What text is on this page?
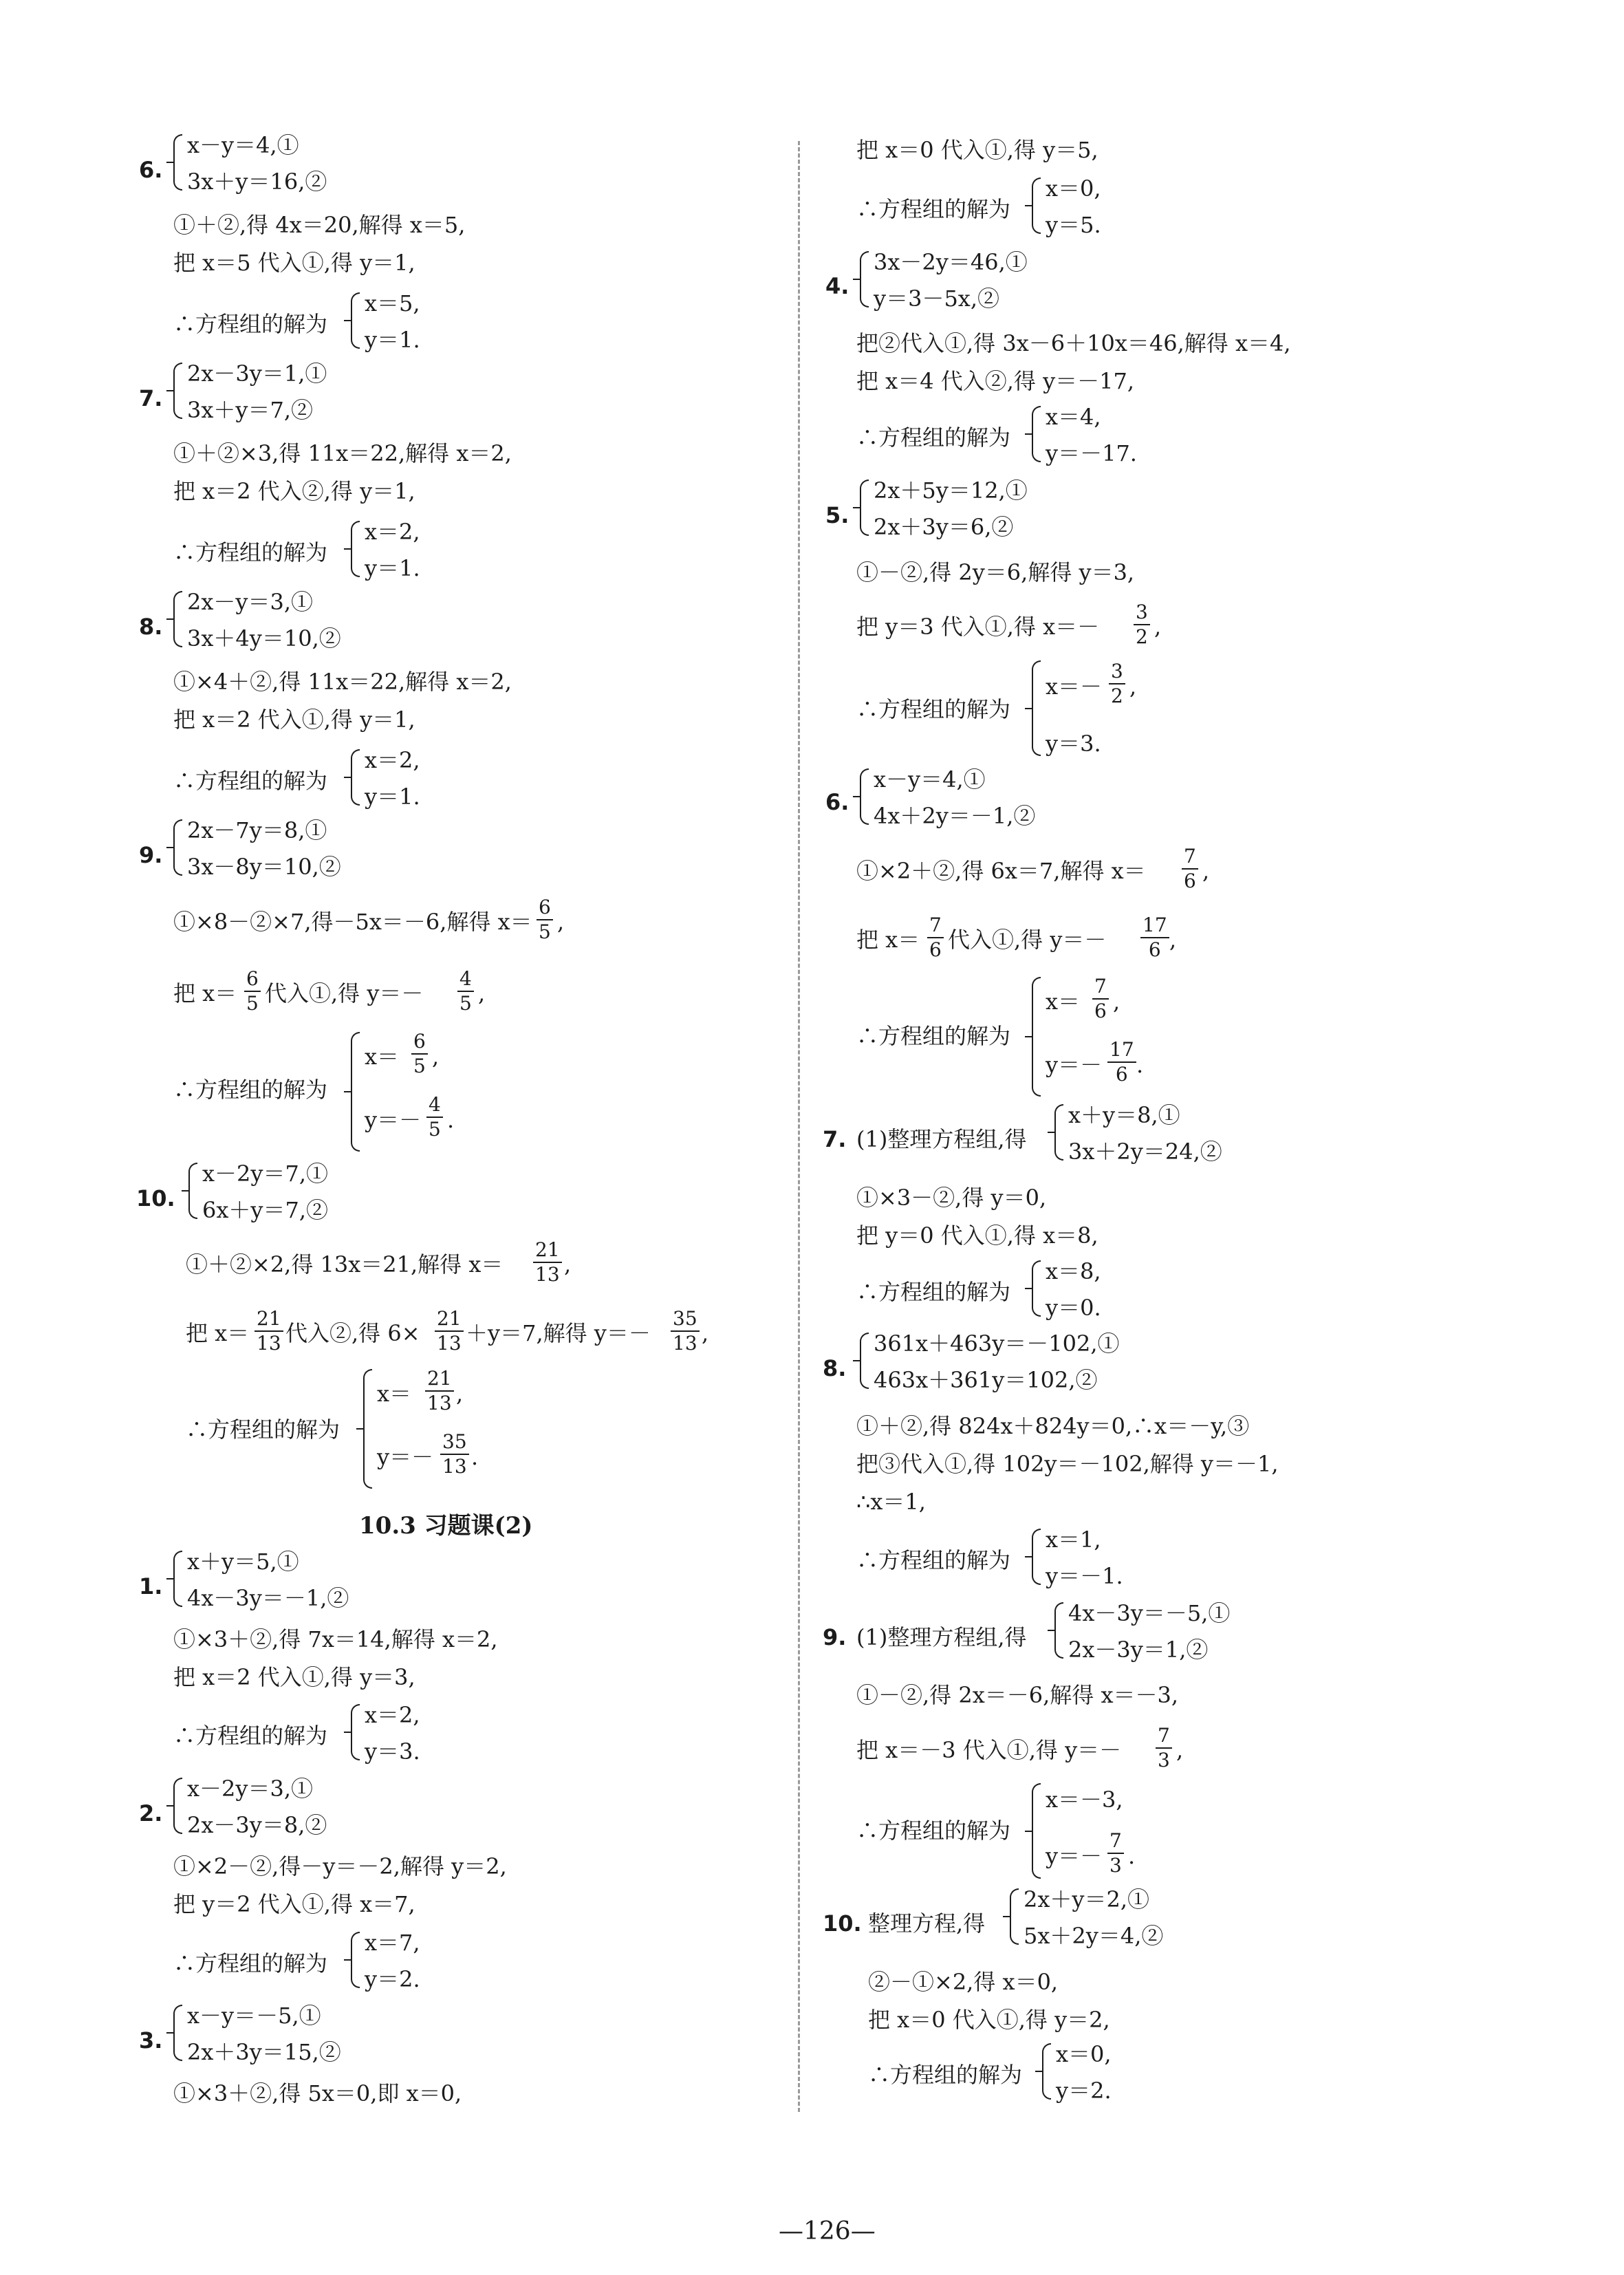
6.
x－y＝4,①
3x＋y＝16,②
①＋②,得 4x＝20,解得 x＝5,
把 x＝5 代入①,得 y＝1,
∴方程组的解为
x＝5,
y＝1.
7.
2x－3y＝1,①
3x＋y＝7,②
①＋②×3,得 11x＝22,解得 x＝2,
把 x＝2 代入②,得 y＝1,
∴方程组的解为
x＝2,
y＝1.
8.
2x－y＝3,①
3x＋4y＝10,②
①×4＋②,得 11x＝22,解得 x＝2,
把 x＝2 代入①,得 y＝1,
∴方程组的解为
x＝2,
y＝1.
9.
2x－7y＝8,①
3x－8y＝10,②
①×8－②×7,得－5x＝－6,解得 $x= \frac{6}{5}$ ,
把 $x= \frac{6}{5}$ 代入①,得 $y=- \frac{4}{5}$ ,
∴方程组的解为
$x= \frac{6}{5}$ ,
$y=- \frac{4}{5}$ .
10.
x－2y＝7,①
6x＋y＝7,②
①＋②×2,得 13x＝21,解得 $x= \frac{21}{13}$ ,
把 $x= \frac{21}{13}$ 代入②,得 $6\times \frac{21}{13} +y=7$,解得 $y=- \frac{35}{13}$ ,
∴方程组的解为
$x= \frac{21}{13}$ ,
$y=- \frac{35}{13}$ .
10.3 习题课(2)
1.
x＋y＝5,①
4x－3y＝－1,②
①×3＋②,得 7x＝14,解得 x＝2,
把 x＝2 代入①,得 y＝3,
∴方程组的解为
x＝2,
y＝3.
2.
x－2y＝3,①
2x－3y＝8,②
①×2－②,得－y＝－2,解得 y＝2,
把 y＝2 代入①,得 x＝7,
∴方程组的解为
x＝7,
y＝2.
3.
x－y＝－5,①
2x＋3y＝15,②
①×3＋②,得 5x＝0,即 x＝0,
把 x＝0 代入①,得 y＝5,
∴方程组的解为
x＝0,
y＝5.
4.
3x－2y＝46,①
y＝3－5x,②
把②代入①,得 3x－6＋10x＝46,解得 x＝4,
把 x＝4 代入②,得 y＝－17,
∴方程组的解为
x＝4,
y＝－17.
5.
2x＋5y＝12,①
2x＋3y＝6,②
①－②,得 2y＝6,解得 y＝3,
把 y＝3 代入①,得 $x=- \frac{3}{2}$ ,
∴方程组的解为
$x=- \frac{3}{2}$ ,
y＝3.
6.
x－y＝4,①
4x＋2y＝－1,②
①×2＋②,得 6x＝7,解得 $x= \frac{7}{6}$ ,
把 $x= \frac{7}{6}$ 代入①,得 $y=- \frac{17}{6}$ ,
∴方程组的解为
$x= \frac{7}{6}$ ,
$y=- \frac{17}{6}$ .
7. (1)整理方程组,得
x＋y＝8,①
3x＋2y＝24,②
①×3－②,得 y＝0,
把 y＝0 代入①,得 x＝8,
∴方程组的解为
x＝8,
y＝0.
8.
361x＋463y＝－102,①
463x＋361y＝102,②
①＋②,得 824x＋824y＝0,∴x＝－y,③
把③代入①,得 102y＝－102,解得 y＝－1,
∴x＝1,
∴方程组的解为
x＝1,
y＝－1.
9. (1)整理方程组,得
4x－3y＝－5,①
2x－3y＝1,②
①－②,得 2x＝－6,解得 x＝－3,
把 x＝－3 代入①,得 $y=- \frac{7}{3}$ ,
∴方程组的解为
x＝－3,
$y=- \frac{7}{3}$ .
10. 整理方程,得
2x＋y＝2,①
5x＋2y＝4,②
②－①×2,得 x＝0,
把 x＝0 代入①,得 y＝2,
∴方程组的解为
x＝0,
y＝2.
—126—
